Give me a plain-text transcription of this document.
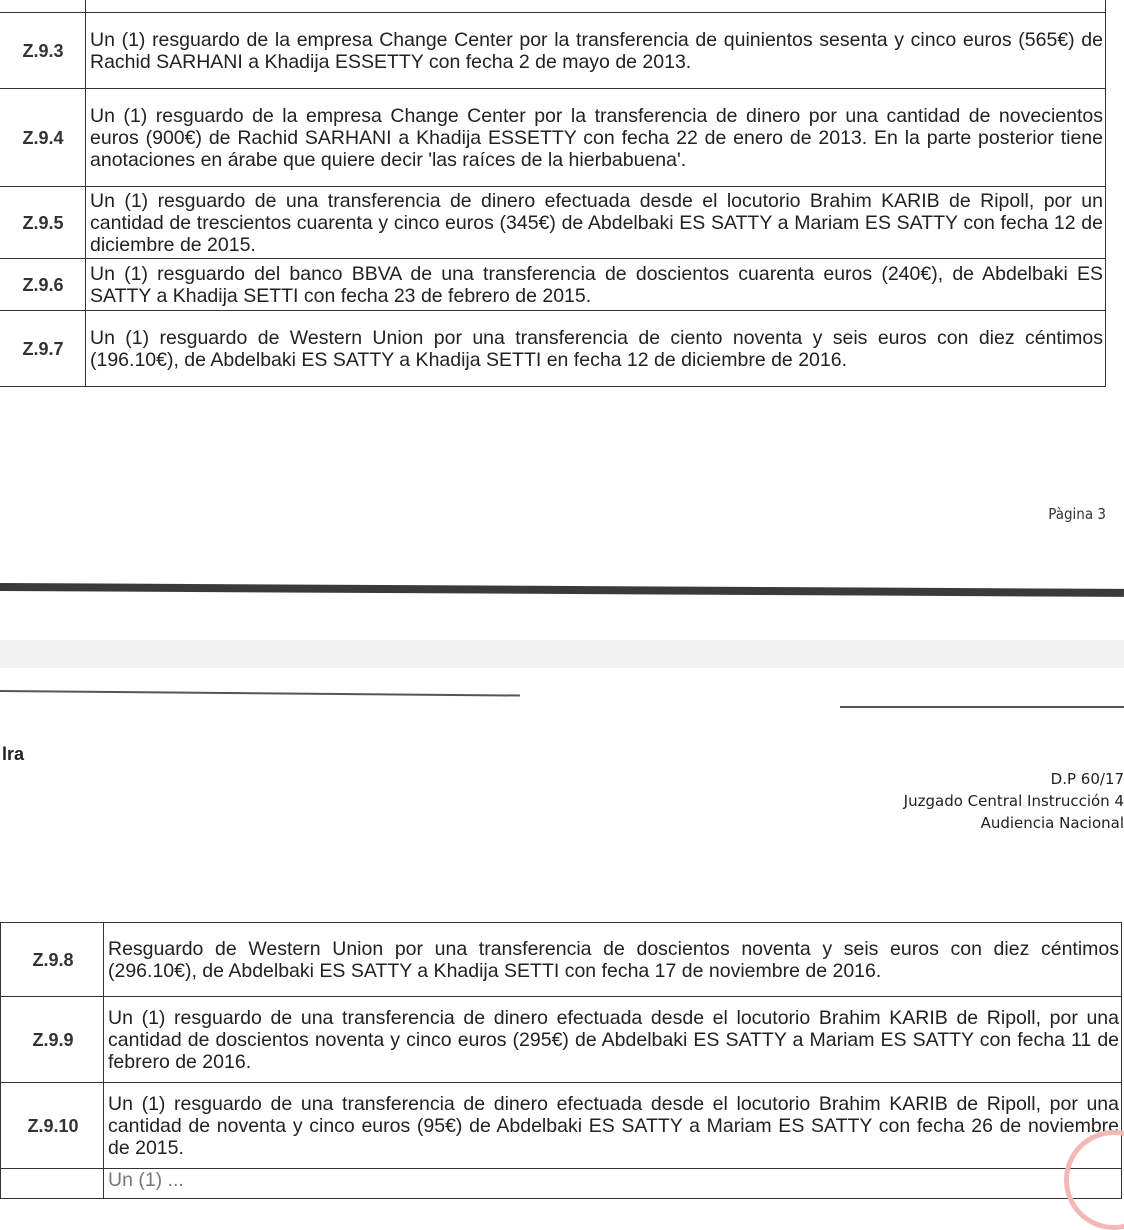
Z.9.3	Un (1) resguardo de la empresa Change Center por la transferencia de quinientos sesenta y cinco euros (565€) de Rachid SARHANI a Khadija ESSETTY con fecha 2 de mayo de 2013.
Z.9.4	Un (1) resguardo de la empresa Change Center por la transferencia de dinero por una cantidad de novecientos euros (900€) de Rachid SARHANI a Khadija ESSETTY con fecha 22 de enero de 2013. En la parte posterior tiene anotaciones en árabe que quiere decir 'las raíces de la hierbabuena'.
Z.9.5	Un (1) resguardo de una transferencia de dinero efectuada desde el locutorio Brahim KARIB de Ripoll, por un cantidad de trescientos cuarenta y cinco euros (345€) de Abdelbaki ES SATTY a Mariam ES SATTY con fecha 12 de diciembre de 2015.
Z.9.6	Un (1) resguardo del banco BBVA de una transferencia de doscientos cuarenta euros (240€), de Abdelbaki ES SATTY a Khadija SETTI con fecha 23 de febrero de 2015.
Z.9.7	Un (1) resguardo de Western Union por una transferencia de ciento noventa y seis euros con diez céntimos (196.10€), de Abdelbaki ES SATTY a Khadija SETTI en fecha 12 de diciembre de 2016.
Pàgina 3
lra
D.P 60/17
Juzgado Central Instrucción 4
Audiencia Nacional
Z.9.8	Resguardo de Western Union por una transferencia de doscientos noventa y seis euros con diez céntimos (296.10€), de Abdelbaki ES SATTY a Khadija SETTI con fecha 17 de noviembre de 2016.
Z.9.9	Un (1) resguardo de una transferencia de dinero efectuada desde el locutorio Brahim KARIB de Ripoll, por una cantidad de doscientos noventa y cinco euros (295€) de Abdelbaki ES SATTY a Mariam ES SATTY con fecha 11 de febrero de 2016.
Z.9.10	Un (1) resguardo de una transferencia de dinero efectuada desde el locutorio Brahim KARIB de Ripoll, por una cantidad de noventa y cinco euros (95€) de Abdelbaki ES SATTY a Mariam ES SATTY con fecha 26 de noviembre de 2015.
	Un (1) ...
